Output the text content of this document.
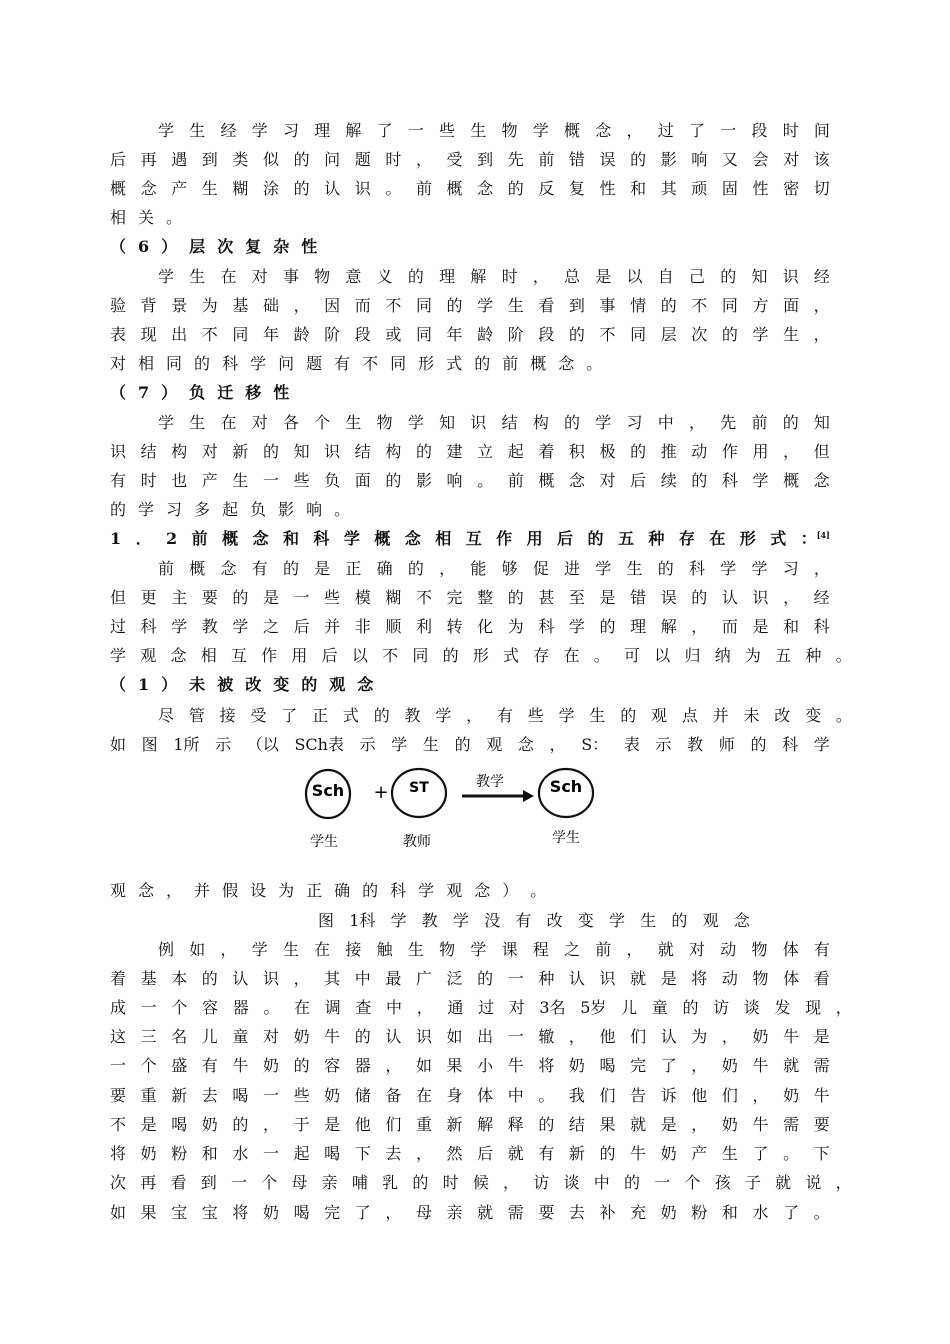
学 生 经 学 习 理 解 了 一 些 生 物 学 概 念 ， 过 了 一 段 时 间
后 再 遇 到 类 似 的 问 题 时 ， 受 到 先 前 错 误 的 影 响 又 会 对 该
概 念 产 生 糊 涂 的 认 识 。 前 概 念 的 反 复 性 和 其 顽 固 性 密 切
相 关 。
（ 6 ） 层 次 复 杂 性
学 生 在 对 事 物 意 义 的 理 解 时 ， 总 是 以 自 己 的 知 识 经
验 背 景 为 基 础 ， 因 而 不 同 的 学 生 看 到 事 情 的 不 同 方 面 ，
表 现 出 不 同 年 龄 阶 段 或 同 年 龄 阶 段 的 不 同 层 次 的 学 生 ，
对 相 同 的 科 学 问 题 有 不 同 形 式 的 前 概 念 。
（ 7 ） 负 迁 移 性
学 生 在 对 各 个 生 物 学 知 识 结 构 的 学 习 中 ， 先 前 的 知
识 结 构 对 新 的 知 识 结 构 的 建 立 起 着 积 极 的 推 动 作 用 ， 但
有 时 也 产 生 一 些 负 面 的 影 响 。 前 概 念 对 后 续 的 科 学 概 念
的 学 习 多 起 负 影 响 。
1 ． 2 前 概 念 和 科 学 概 念 相 互 作 用 后 的 五 种 存 在 形 式 ：[4]
前 概 念 有 的 是 正 确 的 ， 能 够 促 进 学 生 的 科 学 学 习 ，
但 更 主 要 的 是 一 些 模 糊 不 完 整 的 甚 至 是 错 误 的 认 识 ， 经
过 科 学 教 学 之 后 并 非 顺 利 转 化 为 科 学 的 理 解 ， 而 是 和 科
学 观 念 相 互 作 用 后 以 不 同 的 形 式 存 在 。 可 以 归 纳 为 五 种 。
（ 1 ） 未 被 改 变 的 观 念
尽 管 接 受 了 正 式 的 教 学 ， 有 些 学 生 的 观 点 并 未 改 变 。
如 图 1所 示 （以 SCh表 示 学 生 的 观 念 ， S： 表 示 教 师 的 科 学
观 念 ， 并 假 设 为 正 确 的 科 学 观 念 ） 。
例 如 ， 学 生 在 接 触 生 物 学 课 程 之 前 ， 就 对 动 物 体 有
着 基 本 的 认 识 ， 其 中 最 广 泛 的 一 种 认 识 就 是 将 动 物 体 看
成 一 个 容 器 。 在 调 查 中 ， 通 过 对 3名 5岁 儿 童 的 访 谈 发 现 ，
这 三 名 儿 童 对 奶 牛 的 认 识 如 出 一 辙 ， 他 们 认 为 ， 奶 牛 是
一 个 盛 有 牛 奶 的 容 器 ， 如 果 小 牛 将 奶 喝 完 了 ， 奶 牛 就 需
要 重 新 去 喝 一 些 奶 储 备 在 身 体 中 。 我 们 告 诉 他 们 ， 奶 牛
不 是 喝 奶 的 ， 于 是 他 们 重 新 解 释 的 结 果 就 是 ， 奶 牛 需 要
将 奶 粉 和 水 一 起 喝 下 去 ， 然 后 就 有 新 的 牛 奶 产 生 了 。 下
次 再 看 到 一 个 母 亲 哺 乳 的 时 候 ， 访 谈 中 的 一 个 孩 子 就 说 ，
如 果 宝 宝 将 奶 喝 完 了 ， 母 亲 就 需 要 去 补 充 奶 粉 和 水 了 。
图 1科 学 教 学 没 有 改 变 学 生 的 观 念
Sch + ST	教学	Sch
学生	教师	学生
